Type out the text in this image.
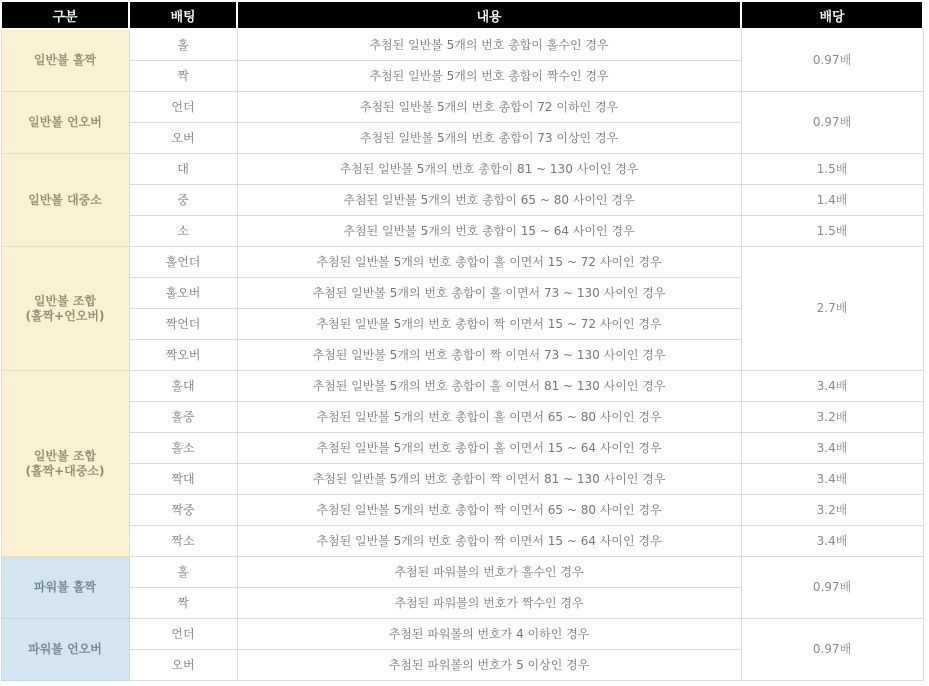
구분	배팅	내용	배당

일반볼 홀짝	홀	추첨된 일반볼 5개의 번호 총합이 홀수인 경우	0.97배
	짝	추첨된 일반볼 5개의 번호 총합이 짝수인 경우	

일반볼 언오버	언더	추첨된 일반볼 5개의 번호 총합이 72 이하인 경우	0.97배
	오버	추첨된 일반볼 5개의 번호 총합이 73 이상인 경우	

일반볼 대중소	대	추첨된 일반볼 5개의 번호 총합이 81 ~ 130 사이인 경우	1.5배
	중	추첨된 일반볼 5개의 번호 총합이 65 ~ 80 사이인 경우	1.4배
	소	추첨된 일반볼 5개의 번호 총합이 15 ~ 64 사이인 경우	1.5배

일반볼 조합
(홀짝+언오버)	홀언더	추첨된 일반볼 5개의 번호 총합이 홀 이면서 15 ~ 72 사이인 경우	2.7배
	홀오버	추첨된 일반볼 5개의 번호 총합이 홀 이면서 73 ~ 130 사이인 경우	
	짝언더	추첨된 일반볼 5개의 번호 총합이 짝 이면서 15 ~ 72 사이인 경우	
	짝오버	추첨된 일반볼 5개의 번호 총합이 짝 이면서 73 ~ 130 사이인 경우	

일반볼 조합
(홀짝+대중소)	홀대	추첨된 일반볼 5개의 번호 총합이 홀 이면서 81 ~ 130 사이인 경우	3.4배
	홀중	추첨된 일반볼 5개의 번호 총합이 홀 이면서 65 ~ 80 사이인 경우	3.2배
	홀소	추첨된 일반볼 5개의 번호 총합이 홀 이면서 15 ~ 64 사이인 경우	3.4배
	짝대	추첨된 일반볼 5개의 번호 총합이 짝 이면서 81 ~ 130 사이인 경우	3.4배
	짝중	추첨된 일반볼 5개의 번호 총합이 짝 이면서 65 ~ 80 사이인 경우	3.2배
	짝소	추첨된 일반볼 5개의 번호 총합이 짝 이면서 15 ~ 64 사이인 경우	3.4배

파워볼 홀짝	홀	추첨된 파워볼의 번호가 홀수인 경우	0.97배
	짝	추첨된 파워볼의 번호가 짝수인 경우	

파워볼 언오버	언더	추첨된 파워볼의 번호가 4 이하인 경우	0.97배
	오버	추첨된 파워볼의 번호가 5 이상인 경우	
